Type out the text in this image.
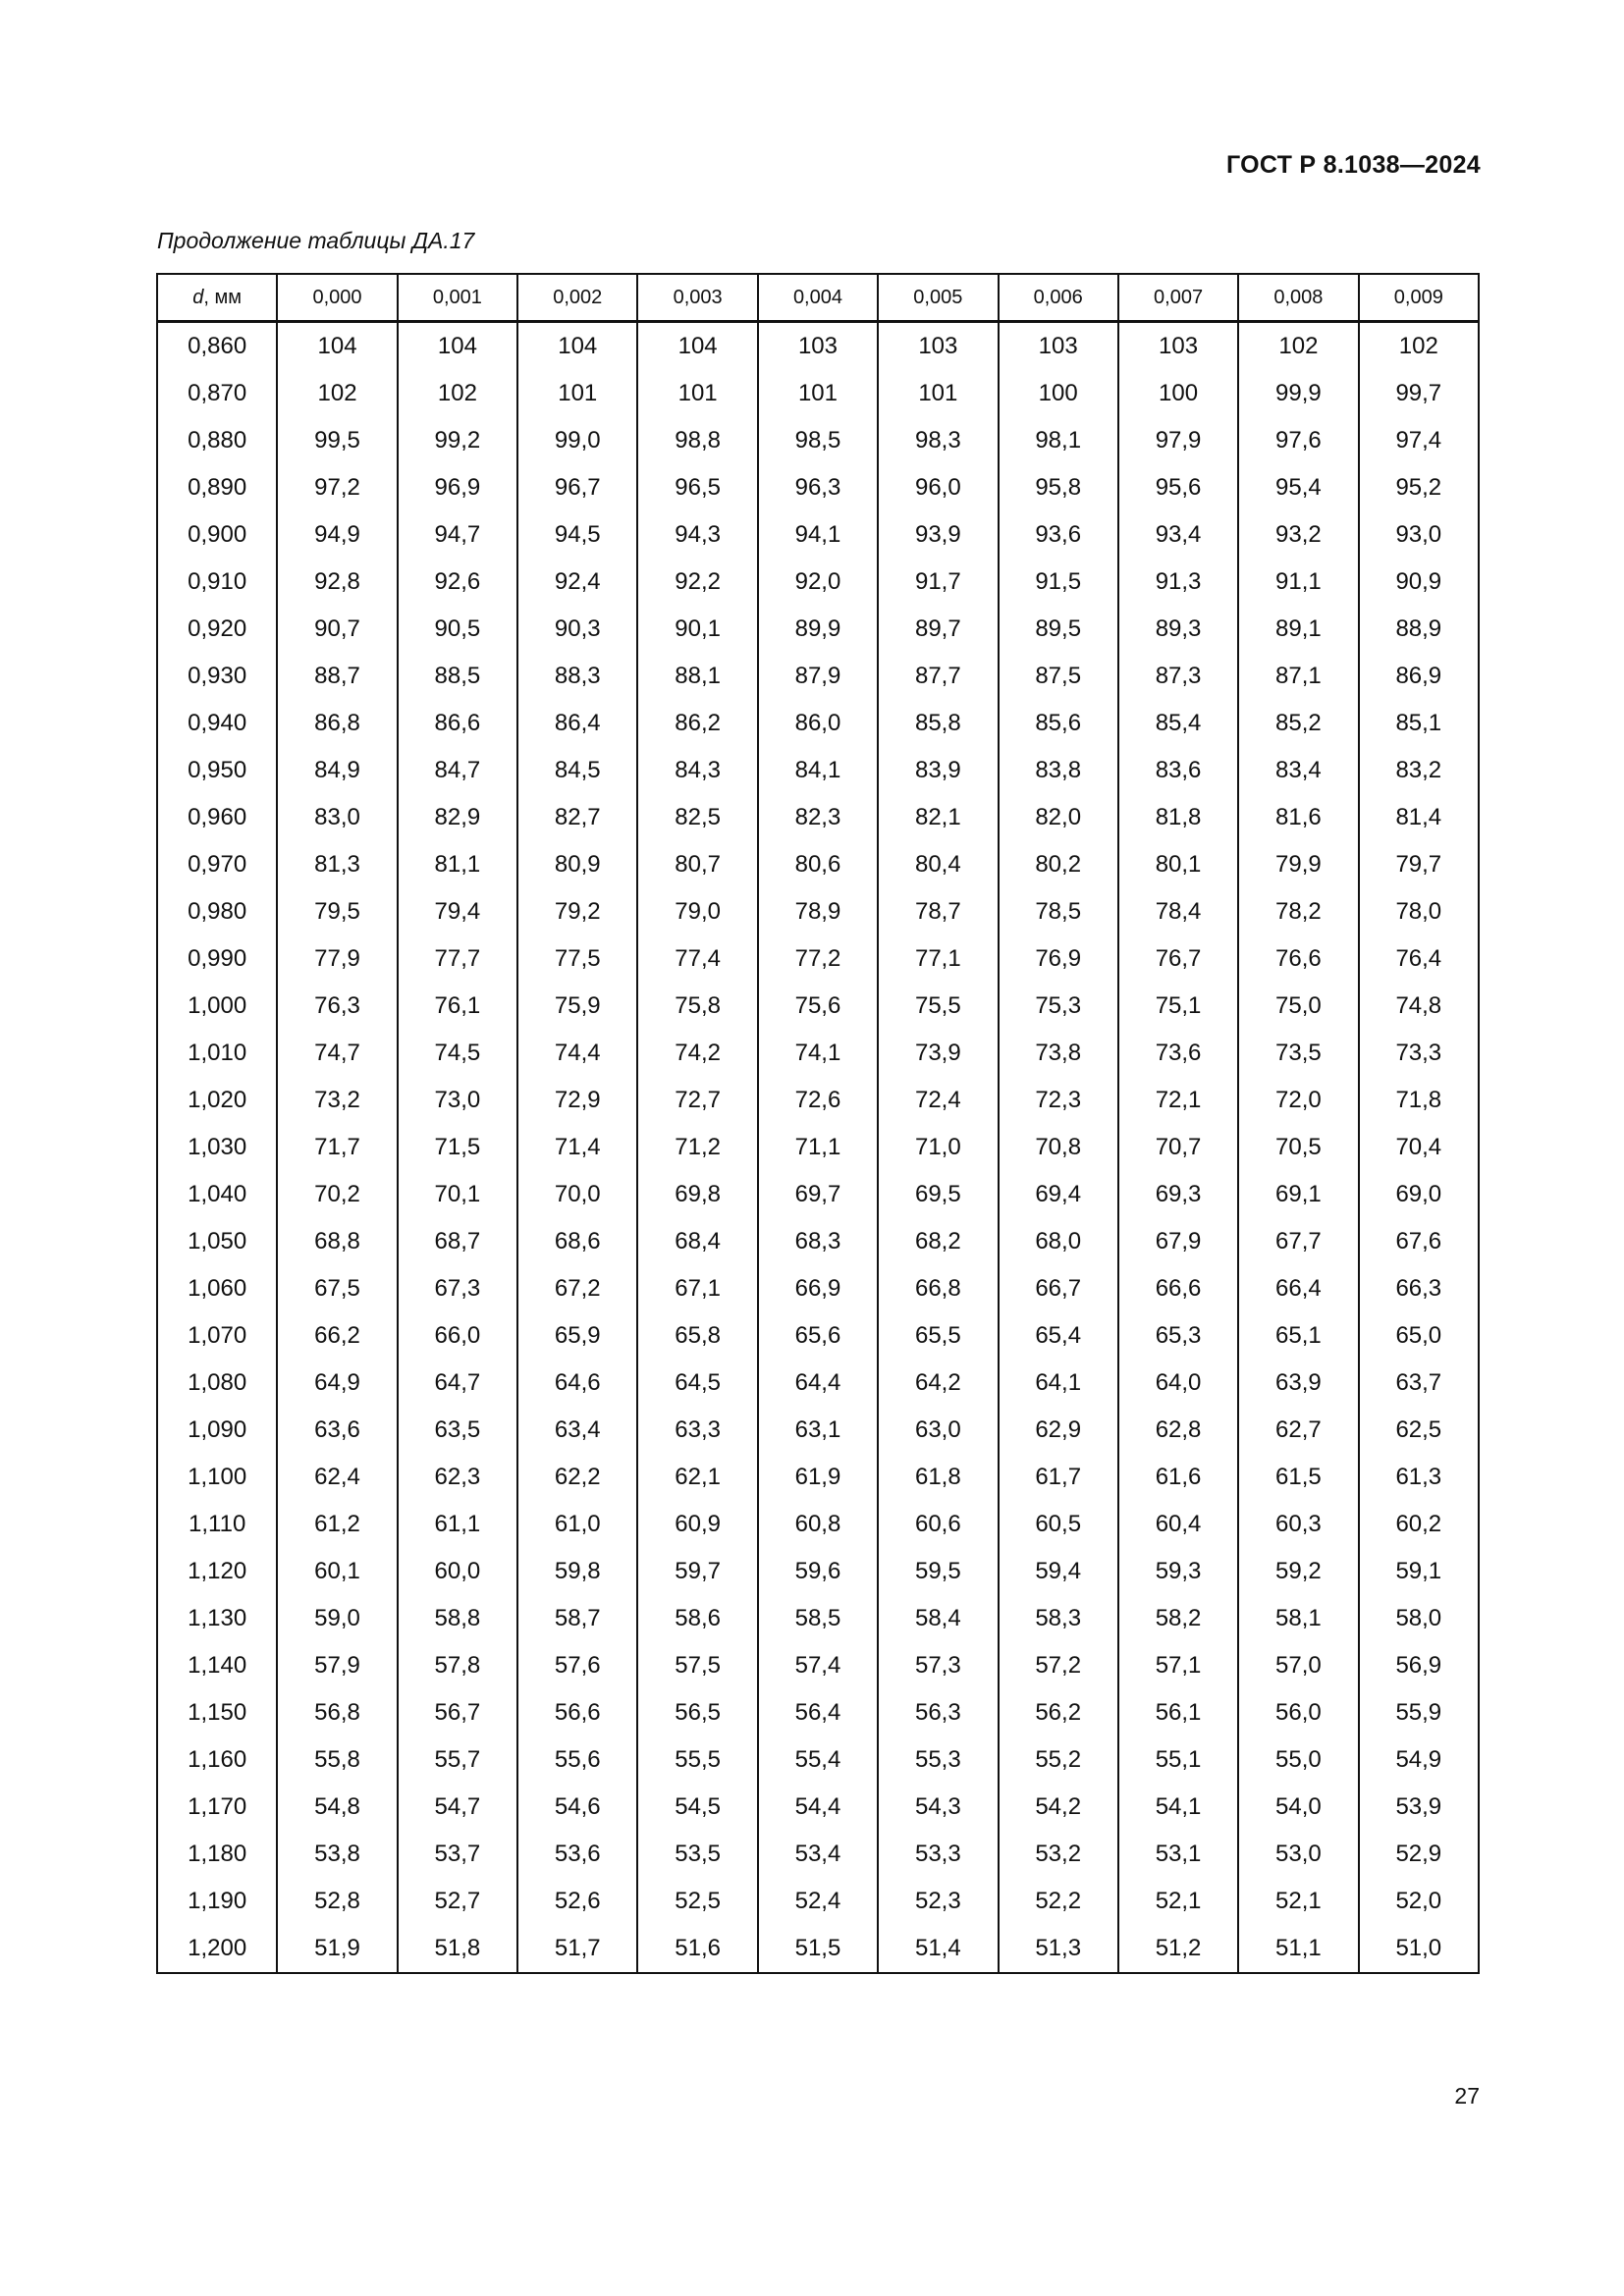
ГОСТ Р 8.1038—2024
Продолжение таблицы ДА.17
d, мм	0,000	0,001	0,002	0,003	0,004	0,005	0,006	0,007	0,008	0,009
0,860	104	104	104	104	103	103	103	103	102	102
0,870	102	102	101	101	101	101	100	100	99,9	99,7
0,880	99,5	99,2	99,0	98,8	98,5	98,3	98,1	97,9	97,6	97,4
0,890	97,2	96,9	96,7	96,5	96,3	96,0	95,8	95,6	95,4	95,2
0,900	94,9	94,7	94,5	94,3	94,1	93,9	93,6	93,4	93,2	93,0
0,910	92,8	92,6	92,4	92,2	92,0	91,7	91,5	91,3	91,1	90,9
0,920	90,7	90,5	90,3	90,1	89,9	89,7	89,5	89,3	89,1	88,9
0,930	88,7	88,5	88,3	88,1	87,9	87,7	87,5	87,3	87,1	86,9
0,940	86,8	86,6	86,4	86,2	86,0	85,8	85,6	85,4	85,2	85,1
0,950	84,9	84,7	84,5	84,3	84,1	83,9	83,8	83,6	83,4	83,2
0,960	83,0	82,9	82,7	82,5	82,3	82,1	82,0	81,8	81,6	81,4
0,970	81,3	81,1	80,9	80,7	80,6	80,4	80,2	80,1	79,9	79,7
0,980	79,5	79,4	79,2	79,0	78,9	78,7	78,5	78,4	78,2	78,0
0,990	77,9	77,7	77,5	77,4	77,2	77,1	76,9	76,7	76,6	76,4
1,000	76,3	76,1	75,9	75,8	75,6	75,5	75,3	75,1	75,0	74,8
1,010	74,7	74,5	74,4	74,2	74,1	73,9	73,8	73,6	73,5	73,3
1,020	73,2	73,0	72,9	72,7	72,6	72,4	72,3	72,1	72,0	71,8
1,030	71,7	71,5	71,4	71,2	71,1	71,0	70,8	70,7	70,5	70,4
1,040	70,2	70,1	70,0	69,8	69,7	69,5	69,4	69,3	69,1	69,0
1,050	68,8	68,7	68,6	68,4	68,3	68,2	68,0	67,9	67,7	67,6
1,060	67,5	67,3	67,2	67,1	66,9	66,8	66,7	66,6	66,4	66,3
1,070	66,2	66,0	65,9	65,8	65,6	65,5	65,4	65,3	65,1	65,0
1,080	64,9	64,7	64,6	64,5	64,4	64,2	64,1	64,0	63,9	63,7
1,090	63,6	63,5	63,4	63,3	63,1	63,0	62,9	62,8	62,7	62,5
1,100	62,4	62,3	62,2	62,1	61,9	61,8	61,7	61,6	61,5	61,3
1,110	61,2	61,1	61,0	60,9	60,8	60,6	60,5	60,4	60,3	60,2
1,120	60,1	60,0	59,8	59,7	59,6	59,5	59,4	59,3	59,2	59,1
1,130	59,0	58,8	58,7	58,6	58,5	58,4	58,3	58,2	58,1	58,0
1,140	57,9	57,8	57,6	57,5	57,4	57,3	57,2	57,1	57,0	56,9
1,150	56,8	56,7	56,6	56,5	56,4	56,3	56,2	56,1	56,0	55,9
1,160	55,8	55,7	55,6	55,5	55,4	55,3	55,2	55,1	55,0	54,9
1,170	54,8	54,7	54,6	54,5	54,4	54,3	54,2	54,1	54,0	53,9
1,180	53,8	53,7	53,6	53,5	53,4	53,3	53,2	53,1	53,0	52,9
1,190	52,8	52,7	52,6	52,5	52,4	52,3	52,2	52,1	52,1	52,0
1,200	51,9	51,8	51,7	51,6	51,5	51,4	51,3	51,2	51,1	51,0
27
